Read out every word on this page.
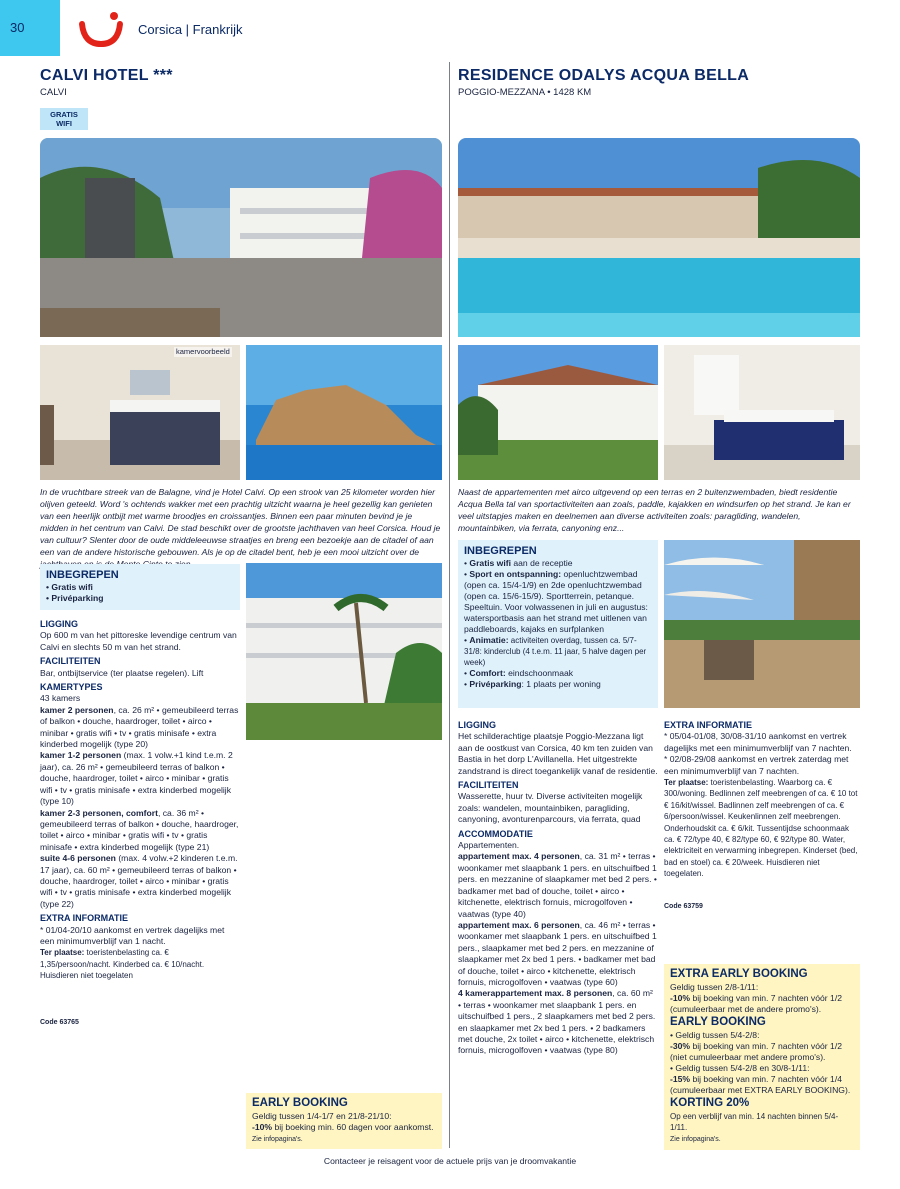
30	Corsica | Frankrijk
CALVI HOTEL ***
CALVI
GRATIS
WIFI
kamervoorbeeld
In de vruchtbare streek van de Balagne, vind je Hotel Calvi. Op een strook van 25 kilometer worden hier olijven geteeld. Word 's ochtends wakker met een prachtig uitzicht waarna je heel gezellig kan genieten van een heerlijk ontbijt met warme broodjes en croissantjes. Binnen een paar minuten bevind je je midden in het centrum van Calvi. De stad beschikt over de grootste jachthaven van heel Corsica. Houd je van cultuur? Slenter door de oude middeleeuwse straatjes en breng een bezoekje aan de citadel of aan een van de andere historische gebouwen. Als je op de citadel bent, heb je een mooi uitzicht over de
INBEGREPEN
• Gratis wifi
• Privéparking
LIGGING
Op 600 m van het pittoreske levendige centrum van Calvi en slechts 50 m van het strand.
FACILITEITEN
Bar, ontbijtservice (ter plaatse regelen). Lift
KAMERTYPES
43 kamers
kamer 2 personen, ca. 26 m² • gemeubileerd terras of balkon • douche, haardroger, toilet • airco • minibar • gratis wifi • tv • gratis minisafe • extra kinderbed mogelijk (type 20)
kamer 1-2 personen (max. 1 volw.+1 kind t.e.m. 2 jaar), ca. 26 m² • gemeubileerd terras of balkon • douche, haardroger, toilet • airco • minibar • gratis wifi • tv • gratis minisafe • extra kinderbed mogelijk (type 10)
kamer 2-3 personen, comfort, ca. 36 m² • gemeubileerd terras of balkon • douche, haardroger, toilet • airco • minibar • gratis wifi • tv • gratis minisafe • extra kinderbed mogelijk (type 21)
suite 4-6 personen (max. 4 volw.+2 kinderen t.e.m. 17 jaar), ca. 60 m² • gemeubileerd terras of balkon • douche, haardroger, toilet • airco • minibar • gratis wifi • tv • gratis minisafe • extra kinderbed mogelijk (type 22)
EXTRA INFORMATIE
* 01/04-20/10 aankomst en vertrek dagelijks met een minimumverblijf van 1 nacht.
Ter plaatse: toeristenbelasting ca. € 1,35/persoon/nacht. Kinderbed ca. € 10/nacht. Huisdieren niet toegelaten
Code 63765
EARLY BOOKING
Geldig tussen 1/4-1/7 en 21/8-21/10:
-10% bij boeking min. 60 dagen voor aankomst.
Zie infopagina's.
RESIDENCE ODALYS ACQUA BELLA
POGGIO-MEZZANA • 1428 KM
Naast de appartementen met airco uitgevend op een terras en 2 buitenzwembaden, biedt residentie Acqua Bella tal van sportactiviteiten aan zoals, paddle, kajakken en windsurfen op het strand. Je kan er veel uitstapjes maken en deelnemen aan diverse activiteiten zoals: paragliding, wandelen, mountainbiken, via ferrata, canyoning enz...
INBEGREPEN
• Gratis wifi aan de receptie
• Sport en ontspanning: openluchtzwembad (open ca. 15/4-1/9) en 2de openluchtzwembad (open ca. 15/6-15/9). Sportterrein, petanque. Speeltuin. Voor volwassenen in juli en augustus: watersportbasis aan het strand met uitlenen van paddleboards, kajaks en surfplanken
• Animatie: activiteiten overdag, tussen ca. 5/7-31/8: kinderclub (4 t.e.m. 11 jaar, 5 halve dagen per week)
• Comfort: eindschoonmaak
• Privéparking: 1 plaats per woning
LIGGING
Het schilderachtige plaatsje Poggio-Mezzana ligt aan de oostkust van Corsica, 40 km ten zuiden van Bastia in het dorp L'Avillanella. Het uitgestrekte zandstrand is direct toegankelijk vanaf de residentie.
FACILITEITEN
Wasserette, huur tv. Diverse activiteiten mogelijk zoals: wandelen, mountainbiken, paragliding, canyoning, avonturenparcours, via ferrata, quad
ACCOMMODATIE
Appartementen.
appartement max. 4 personen, ca. 31 m² • terras • woonkamer met slaapbank 1 pers. en uitschuifbed 1 pers. en mezzanine of slaapkamer met bed 2 pers. • badkamer met bad of douche, toilet • airco • kitchenette, elektrisch fornuis, microgolfoven • vaatwas (type 40)
appartement max. 6 personen, ca. 46 m² • terras • woonkamer met slaapbank 1 pers. en uitschuifbed 1 pers., slaapkamer met bed 2 pers. en mezzanine of slaapkamer met 2x bed 1 pers. • badkamer met bad of douche, toilet • airco • kitchenette, elektrisch fornuis, microgolfoven • vaatwas (type 60)
4 kamerappartement max. 8 personen, ca. 60 m² • terras • woonkamer met slaapbank 1 pers. en uitschuifbed 1 pers., 2 slaapkamers met bed 2 pers. en slaapkamer met 2x bed 1 pers. • 2 badkamers met douche, 2x toilet • airco • kitchenette, elektrisch fornuis, microgolfoven • vaatwas (type 80)
EXTRA INFORMATIE
* 05/04-01/08, 30/08-31/10 aankomst en vertrek dagelijks met een minimumverblijf van 7 nachten.
* 02/08-29/08 aankomst en vertrek zaterdag met een minimumverblijf van 7 nachten.
Ter plaatse: toeristenbelasting. Waarborg ca. € 300/woning. Bedlinnen zelf meebrengen of ca. € 10 tot € 16/kit/wissel. Badlinnen zelf meebrengen of ca. € 6/persoon/wissel. Keukenlinnen zelf meebrengen. Onderhoudskit ca. € 6/kit. Tussentijdse schoonmaak ca. € 72/type 40, € 82/type 60, € 92/type 80. Water, elektriciteit en verwarming inbegrepen. Kinderset (bed, bad en stoel) ca. € 20/week. Huisdieren niet toegelaten.
Code 63759
EXTRA EARLY BOOKING
Geldig tussen 2/8-1/11:
-10% bij boeking van min. 7 nachten vóór 1/2 (cumuleerbaar met de andere promo's).
EARLY BOOKING
• Geldig tussen 5/4-2/8:
-30% bij boeking van min. 7 nachten vóór 1/2 (niet cumuleerbaar met andere promo's).
• Geldig tussen 5/4-2/8 en 30/8-1/11:
-15% bij boeking van min. 7 nachten vóór 1/4 (cumuleerbaar met EXTRA EARLY BOOKING).
KORTING 20%
Op een verblijf van min. 14 nachten binnen 5/4-1/11.
Zie infopagina's.
Contacteer je reisagent voor de actuele prijs van je droomvakantie
